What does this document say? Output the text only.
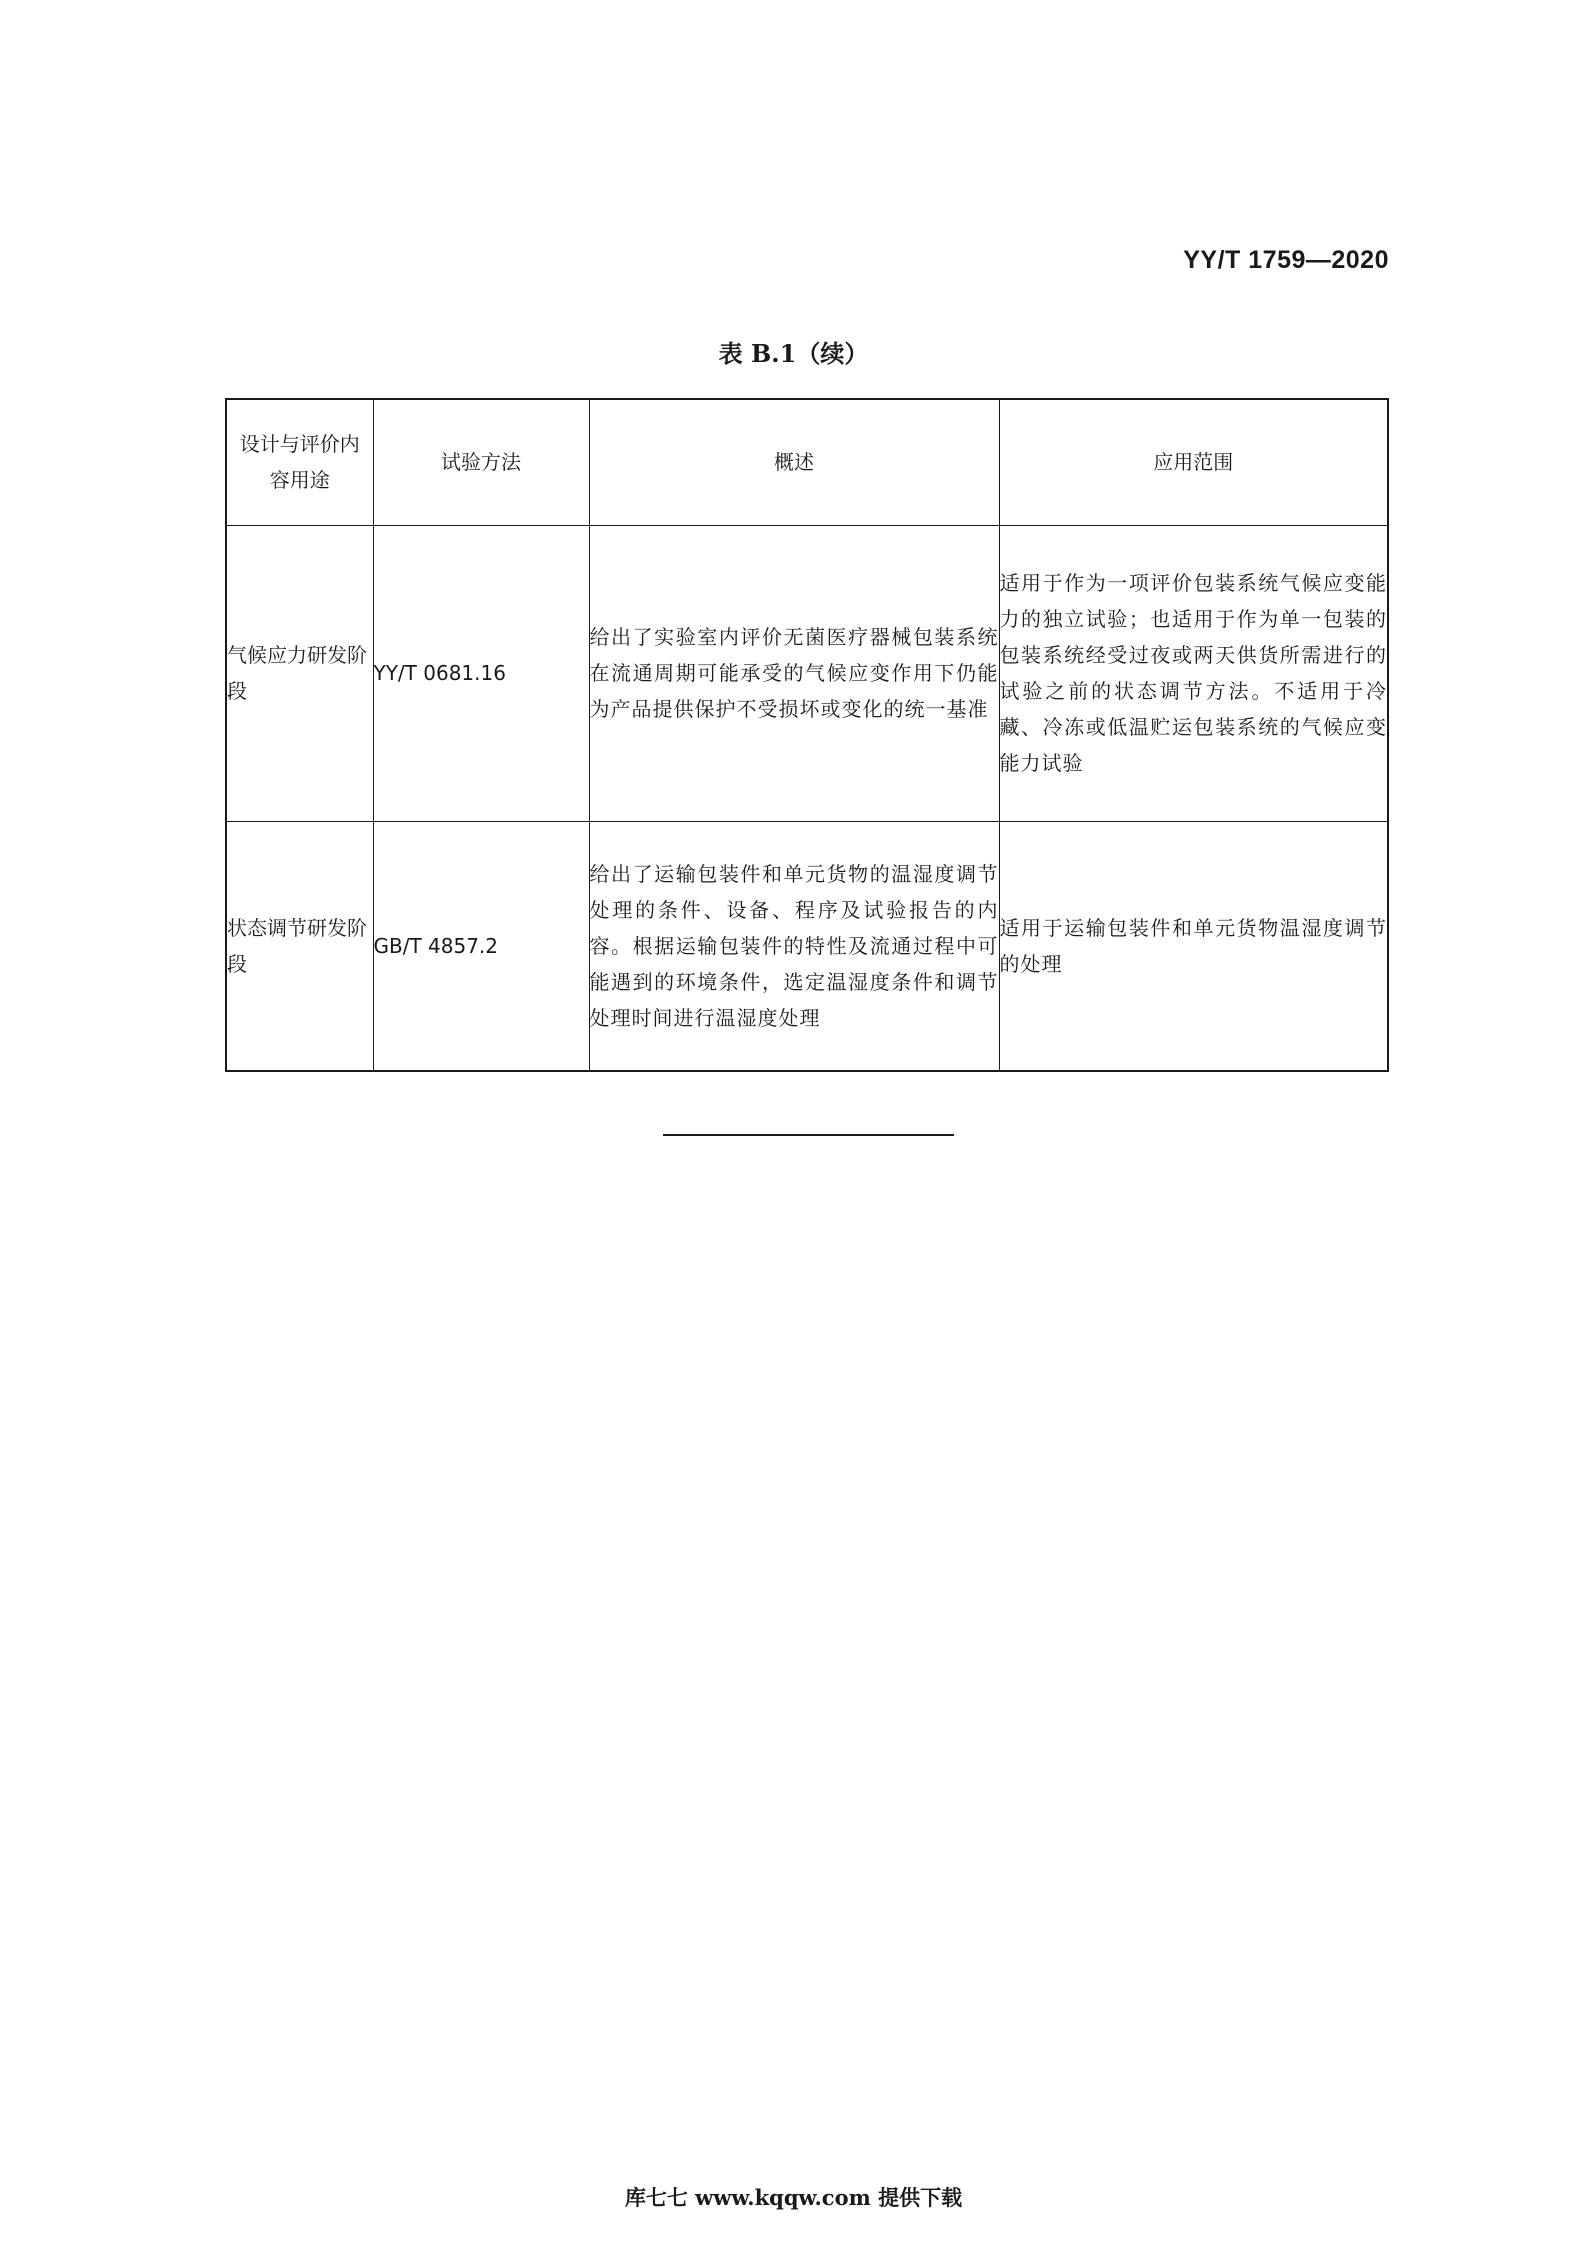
YY/T 1759—2020
表 B.1（续）
设计与评价内容用途	试验方法	概述	应用范围

气候应力研发阶段	YY/T 0681.16	给出了实验室内评价无菌医疗器械包装系统在流通周期可能承受的气候应变作用下仍能为产品提供保护不受损坏或变化的统一基准	适用于作为一项评价包装系统气候应变能力的独立试验；也适用于作为单一包装的包装系统经受过夜或两天供货所需进行的试验之前的状态调节方法。不适用于冷藏、冷冻或低温贮运包装系统的气候应变能力试验
状态调节研发阶段	GB/T 4857.2	给出了运输包装件和单元货物的温湿度调节处理的条件、设备、程序及试验报告的内容。根据运输包装件的特性及流通过程中可能遇到的环境条件，选定温湿度条件和调节处理时间进行温湿度处理	适用于运输包装件和单元货物温湿度调节的处理
库七七 www.kqqw.com 提供下载
